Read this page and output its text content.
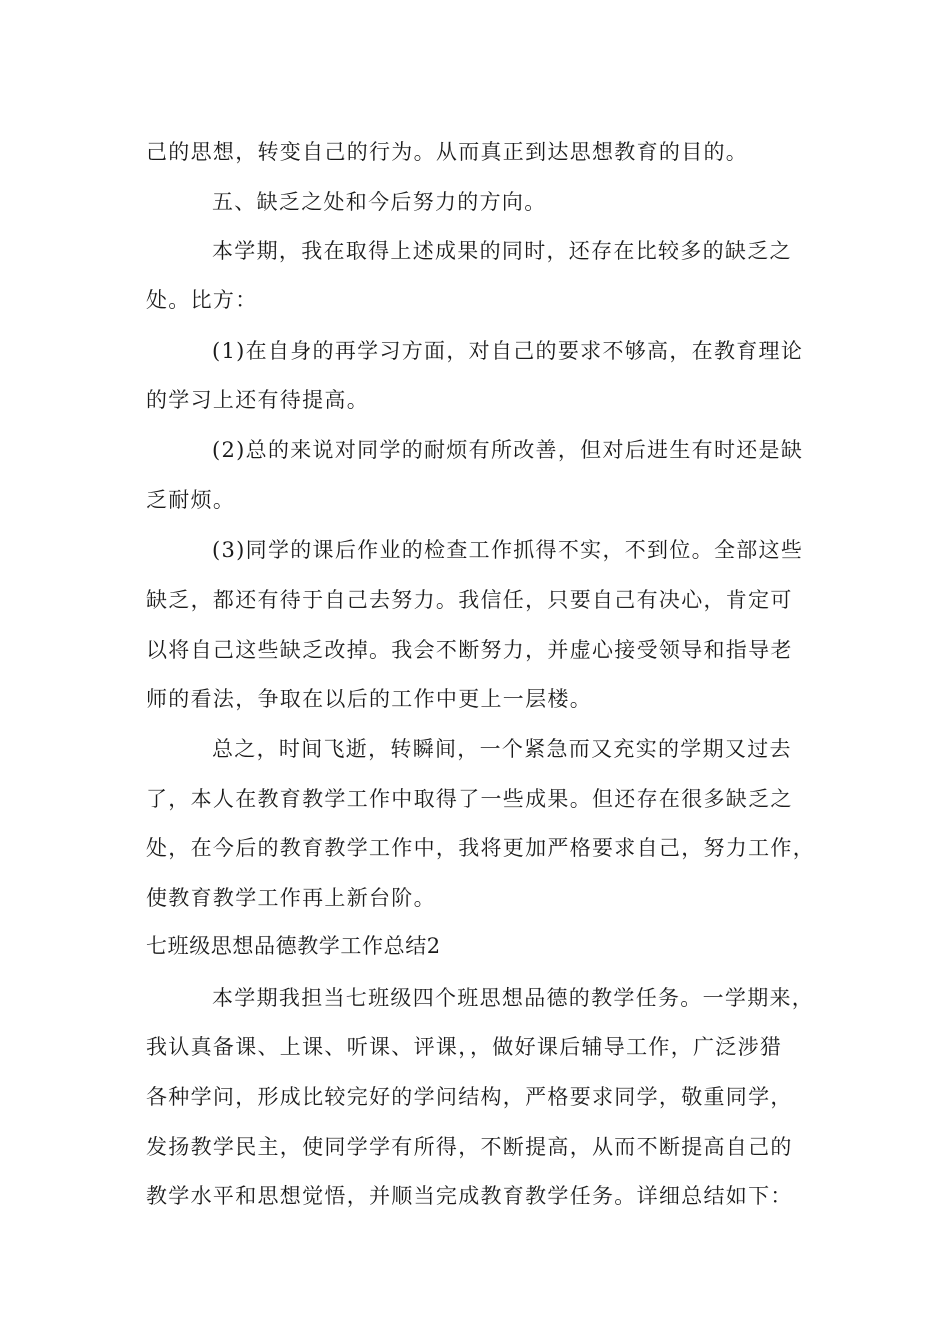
己的思想，转变自己的行为。从而真正到达思想教育的目的。
五、缺乏之处和今后努力的方向。
本学期，我在取得上述成果的同时，还存在比较多的缺乏之
处。比方：
(1)在自身的再学习方面，对自己的要求不够高，在教育理论
的学习上还有待提高。
(2)总的来说对同学的耐烦有所改善，但对后进生有时还是缺
乏耐烦。
(3)同学的课后作业的检查工作抓得不实，不到位。全部这些
缺乏，都还有待于自己去努力。我信任，只要自己有决心，肯定可
以将自己这些缺乏改掉。我会不断努力，并虚心接受领导和指导老
师的看法，争取在以后的工作中更上一层楼。
总之，时间飞逝，转瞬间，一个紧急而又充实的学期又过去
了，本人在教育教学工作中取得了一些成果。但还存在很多缺乏之
处，在今后的教育教学工作中，我将更加严格要求自己，努力工作，
使教育教学工作再上新台阶。
七班级思想品德教学工作总结2
本学期我担当七班级四个班思想品德的教学任务。一学期来，
我认真备课、上课、听课、评课，，做好课后辅导工作，广泛涉猎
各种学问，形成比较完好的学问结构，严格要求同学，敬重同学，
发扬教学民主，使同学学有所得，不断提高，从而不断提高自己的
教学水平和思想觉悟，并顺当完成教育教学任务。详细总结如下：
